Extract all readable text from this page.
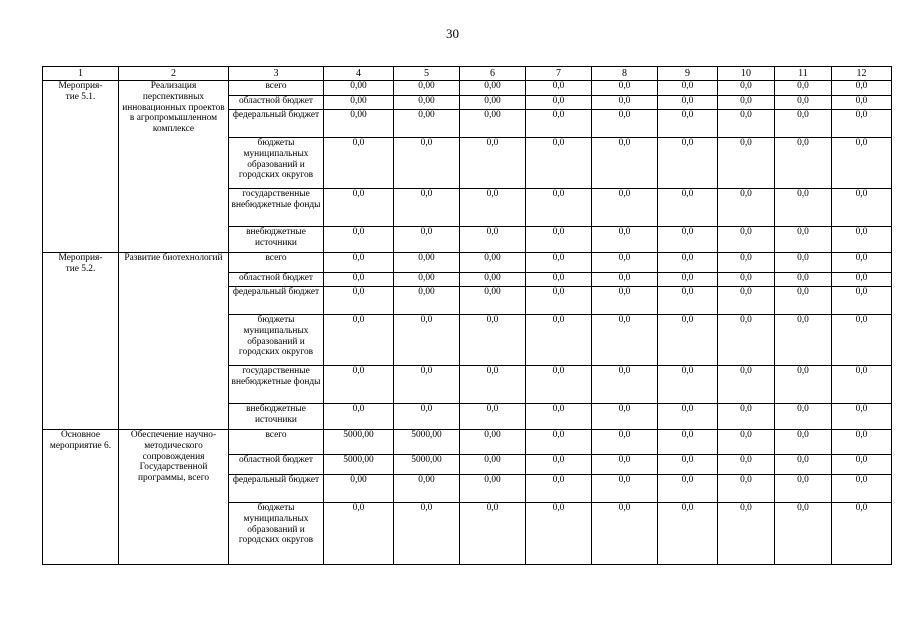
30
1	2	3	4	5	6	7	8	9	10	11	12
Мероприя-
тие 5.1.	Реализация перспективных инновационных проектов в агропромышленном комплексе	всего	0,00	0,00	0,00	0,0	0,0	0,0	0,0	0,0	0,0
		областной бюджет	0,00	0,00	0,00	0,0	0,0	0,0	0,0	0,0	0,0
		федеральный бюджет	0,00	0,00	0,00	0,0	0,0	0,0	0,0	0,0	0,0
		бюджеты муниципальных образований и городских округов	0,0	0,0	0,0	0,0	0,0	0,0	0,0	0,0	0,0
		государственные внебюджетные фонды	0,0	0,0	0,0	0,0	0,0	0,0	0,0	0,0	0,0
		внебюджетные источники	0,0	0,0	0,0	0,0	0,0	0,0	0,0	0,0	0,0
Мероприя-
тие 5.2.	Развитие биотехнологий	всего	0,0	0,00	0,00	0,0	0,0	0,0	0,0	0,0	0,0
		областной бюджет	0,0	0,00	0,00	0,0	0,0	0,0	0,0	0,0	0,0
		федеральный бюджет	0,0	0,00	0,00	0,0	0,0	0,0	0,0	0,0	0,0
		бюджеты муниципальных образований и городских округов	0,0	0,0	0,0	0,0	0,0	0,0	0,0	0,0	0,0
		государственные внебюджетные фонды	0,0	0,0	0,0	0,0	0,0	0,0	0,0	0,0	0,0
		внебюджетные источники	0,0	0,0	0,0	0,0	0,0	0,0	0,0	0,0	0,0
Основное мероприятие 6.	Обеспечение научно-методического сопровождения Государственной программы, всего	всего	5000,00	5000,00	0,00	0,0	0,0	0,0	0,0	0,0	0,0
		областной бюджет	5000,00	5000,00	0,00	0,0	0,0	0,0	0,0	0,0	0,0
		федеральный бюджет	0,00	0,00	0,00	0,0	0,0	0,0	0,0	0,0	0,0
		бюджеты муниципальных образований и городских округов	0,0	0,0	0,0	0,0	0,0	0,0	0,0	0,0	0,0
